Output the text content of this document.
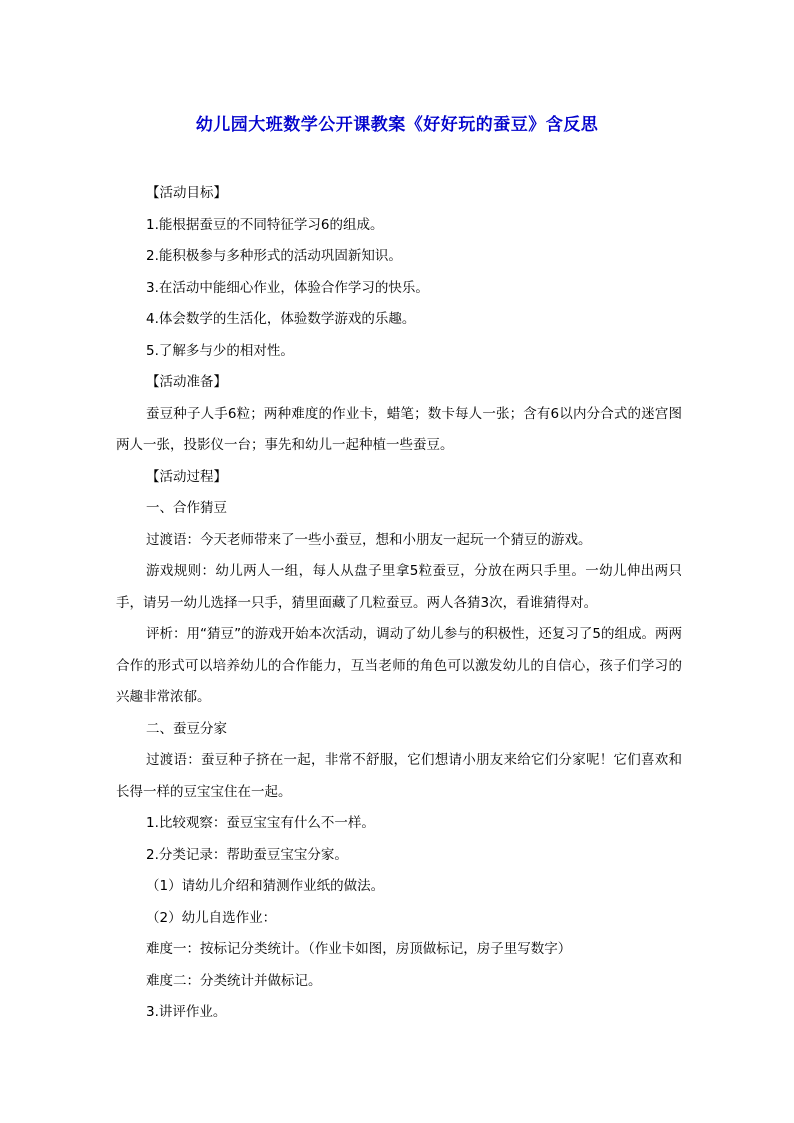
幼儿园大班数学公开课教案《好好玩的蚕豆》含反思

【活动目标】

1.能根据蚕豆的不同特征学习6的组成。

2.能积极参与多种形式的活动巩固新知识。

3.在活动中能细心作业，体验合作学习的快乐。

4.体会数学的生活化，体验数学游戏的乐趣。

5.了解多与少的相对性。

【活动准备】

蚕豆种子人手6粒；两种难度的作业卡，蜡笔；数卡每人一张；含有6以内分合式的迷宫图两人一张，投影仪一台；事先和幼儿一起种植一些蚕豆。

【活动过程】

一、合作猜豆

过渡语：今天老师带来了一些小蚕豆，想和小朋友一起玩一个猜豆的游戏。

游戏规则：幼儿两人一组，每人从盘子里拿5粒蚕豆，分放在两只手里。一幼儿伸出两只手，请另一幼儿选择一只手，猜里面藏了几粒蚕豆。两人各猜3次，看谁猜得对。

评析：用“猜豆”的游戏开始本次活动，调动了幼儿参与的积极性，还复习了5的组成。两两合作的形式可以培养幼儿的合作能力，互当老师的角色可以激发幼儿的自信心，孩子们学习的兴趣非常浓郁。

二、蚕豆分家

过渡语：蚕豆种子挤在一起，非常不舒服，它们想请小朋友来给它们分家呢！它们喜欢和长得一样的豆宝宝住在一起。

1.比较观察：蚕豆宝宝有什么不一样。

2.分类记录：帮助蚕豆宝宝分家。

（1）请幼儿介绍和猜测作业纸的做法。

（2）幼儿自选作业：

难度一：按标记分类统计。（作业卡如图，房顶做标记，房子里写数字）

难度二：分类统计并做标记。

3.讲评作业。
